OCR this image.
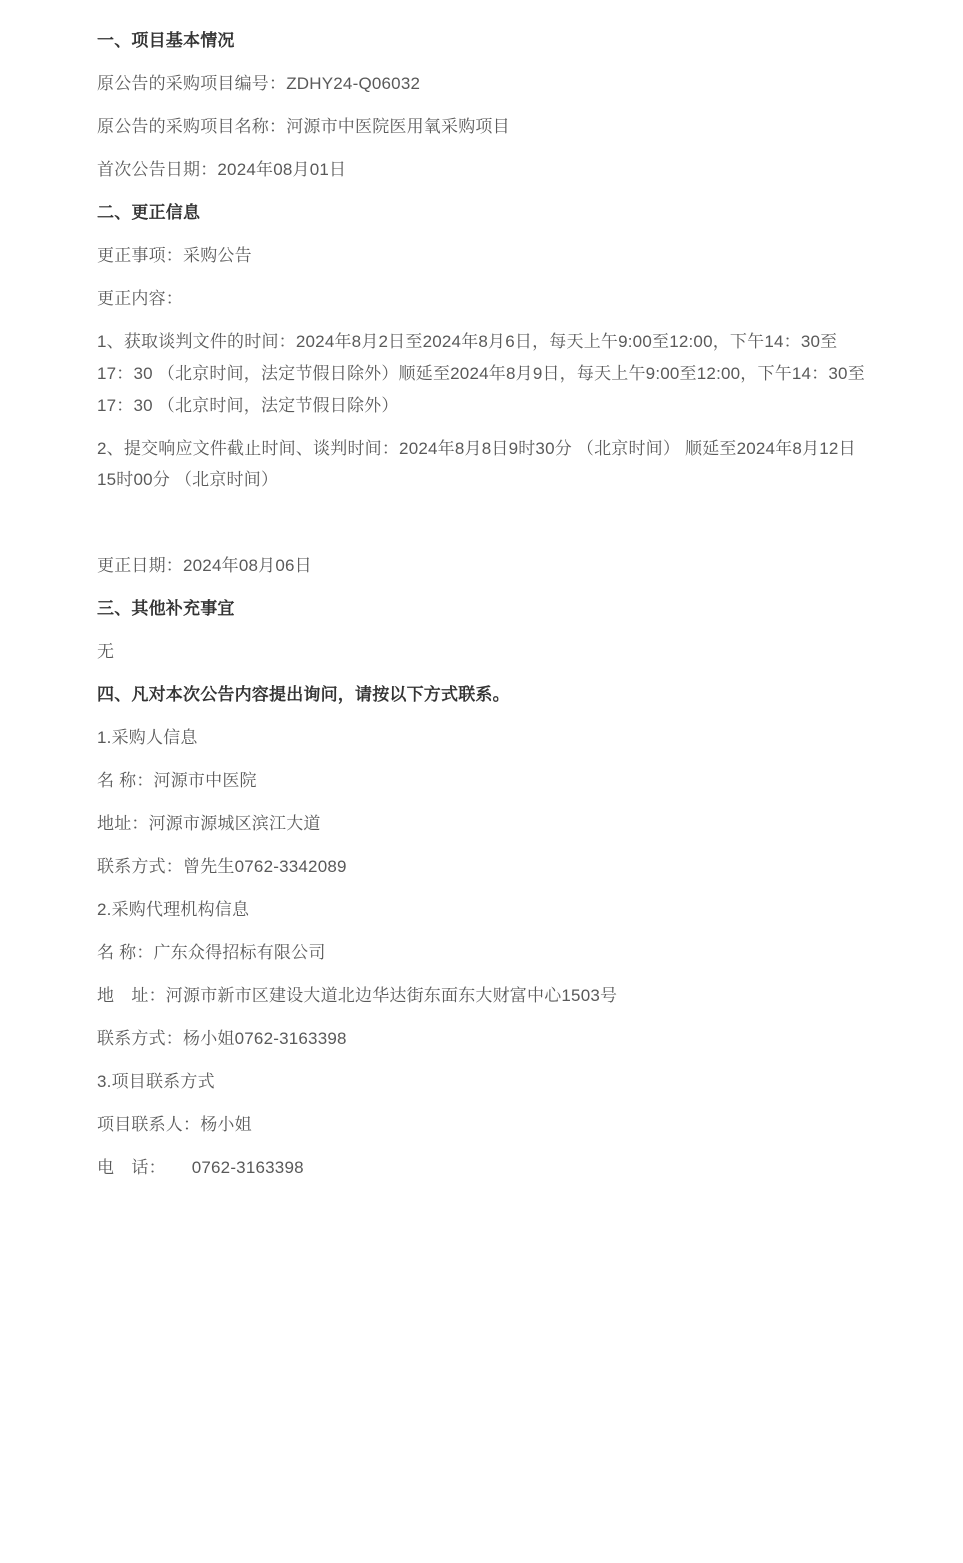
一、项目基本情况

原公告的采购项目编号：ZDHY24-Q06032

原公告的采购项目名称：河源市中医院医用氧采购项目

首次公告日期：2024年08月01日

二、更正信息

更正事项：采购公告

更正内容：

1、获取谈判文件的时间：2024年8月2日至2024年8月6日，每天上午9:00至12:00，下午14：30至17：30 （北京时间，法定节假日除外）顺延至2024年8月9日，每天上午9:00至12:00，下午14：30至17：30 （北京时间，法定节假日除外）

2、提交响应文件截止时间、谈判时间：2024年8月8日9时30分 （北京时间） 顺延至2024年8月12日15时00分 （北京时间）

更正日期：2024年08月06日

三、其他补充事宜

无

四、凡对本次公告内容提出询问，请按以下方式联系。

1.采购人信息

名 称：河源市中医院

地址：河源市源城区滨江大道

联系方式：曾先生0762-3342089

2.采购代理机构信息

名 称：广东众得招标有限公司

地　址：河源市新市区建设大道北边华达街东面东大财富中心1503号

联系方式：杨小姐0762-3163398

3.项目联系方式

项目联系人：杨小姐

电　话：　　0762-3163398
